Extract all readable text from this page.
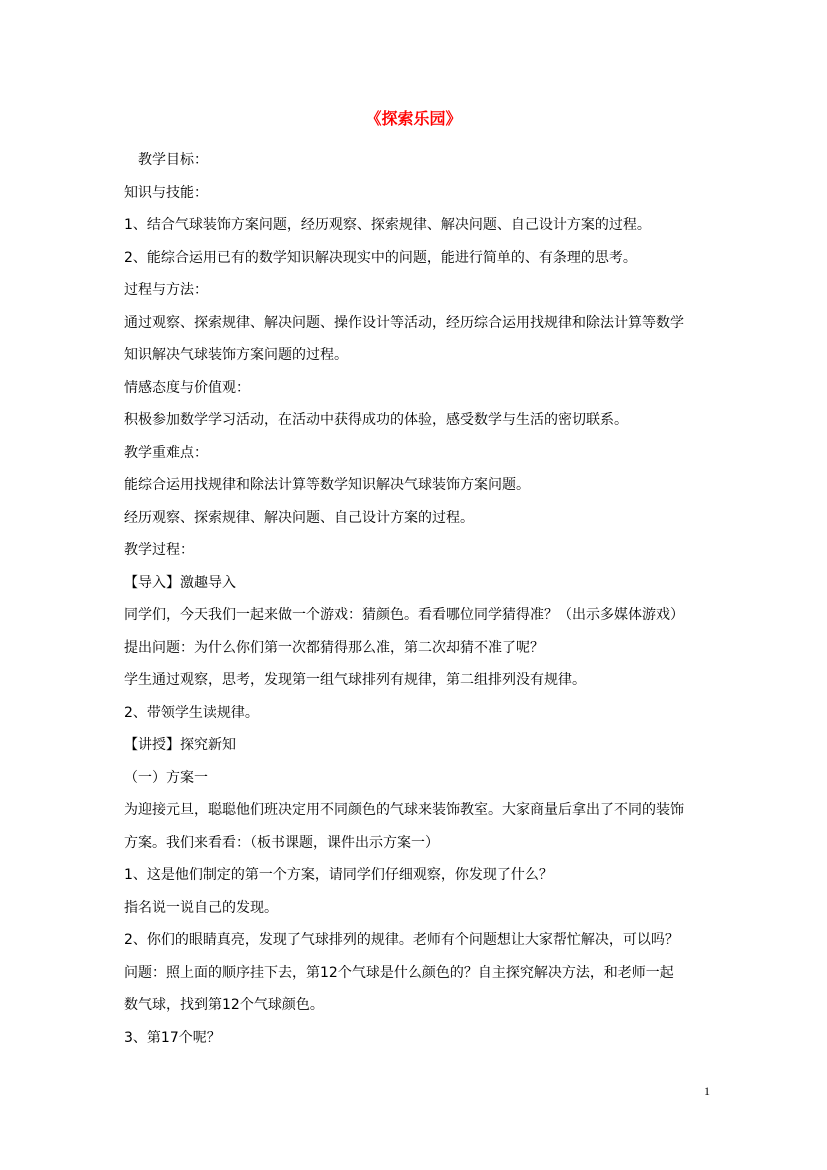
《探索乐园》
教学目标：
知识与技能：
1、结合气球装饰方案问题，经历观察、探索规律、解决问题、自己设计方案的过程。
2、能综合运用已有的数学知识解决现实中的问题，能进行简单的、有条理的思考。
过程与方法：
通过观察、探索规律、解决问题、操作设计等活动，经历综合运用找规律和除法计算等数学
知识解决气球装饰方案问题的过程。
情感态度与价值观：
积极参加数学学习活动，在活动中获得成功的体验，感受数学与生活的密切联系。
教学重难点：
能综合运用找规律和除法计算等数学知识解决气球装饰方案问题。
经历观察、探索规律、解决问题、自己设计方案的过程。
教学过程：
【导入】激趣导入
同学们，今天我们一起来做一个游戏：猜颜色。看看哪位同学猜得准？（出示多媒体游戏）
提出问题：为什么你们第一次都猜得那么准，第二次却猜不准了呢？
学生通过观察，思考，发现第一组气球排列有规律，第二组排列没有规律。
2、带领学生读规律。
【讲授】探究新知
（一）方案一
为迎接元旦，聪聪他们班决定用不同颜色的气球来装饰教室。大家商量后拿出了不同的装饰
方案。我们来看看：（板书课题，课件出示方案一）
1、这是他们制定的第一个方案，请同学们仔细观察，你发现了什么？
指名说一说自己的发现。
2、你们的眼睛真亮，发现了气球排列的规律。老师有个问题想让大家帮忙解决，可以吗？
问题：照上面的顺序挂下去，第12个气球是什么颜色的？自主探究解决方法，和老师一起
数气球，找到第12个气球颜色。
3、第17个呢？
1
